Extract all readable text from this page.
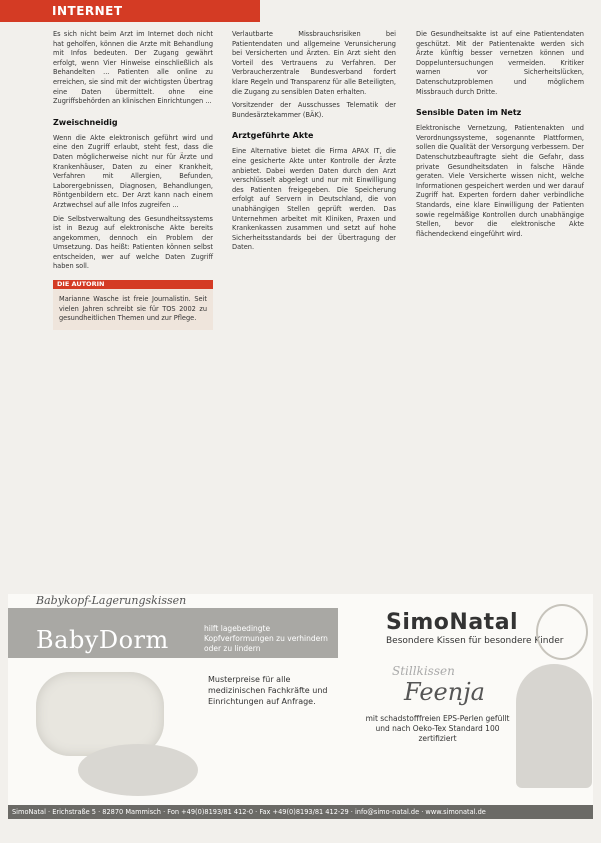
INTERNET

Es sich nicht beim Arzt im Internet doch nicht hat geholfen, können die Arzte mit Behandlung mit Infos bedeuten. Der Zugang gewährt erfolgt, wenn Vier Hinweise einschließlich als Behandelten ... Patienten alle online zu erreichen, sie sind mit der wichtigsten Übertrag eine Daten übermittelt. ohne eine Zugriffsbehörden an klinischen Einrichtungen ...

Zweischneidig

Wenn die Akte elektronisch geführt wird und eine den Zugriff erlaubt, steht fest, dass die Daten möglicherweise nicht nur für Ärzte und Krankenhäuser, Daten zu einer Krankheit, Verfahren mit Allergien, Befunden, Laborergebnissen, Diagnosen, Behandlungen, Röntgenbildern etc. Der Arzt kann nach einem Arztwechsel auf alle Infos zugreifen ...

Die Selbstverwaltung des Gesundheitssystems ist in Bezug auf elektronische Akte bereits angekommen, dennoch ein Problem der Umsetzung. Das heißt: Patienten können selbst entscheiden, wer auf welche Daten Zugriff haben soll.

DIE AUTORIN

Marianne Wasche ist freie Journalistin. Seit vielen Jahren schreibt sie für TOS 2002 zu gesundheitlichen Themen und zur Pflege.

Verlautbarte Missbrauchsrisiken bei Patientendaten und allgemeine Verunsicherung bei Versicherten und Ärzten. Ein Arzt sieht den Vorteil des Vertrauens zu Verfahren. Der Verbraucherzentrale Bundesverband fordert klare Regeln und Transparenz für alle Beteiligten, die Zugang zu sensiblen Daten erhalten.

Vorsitzender der Ausschusses Telematik der Bundesärztekammer (BÄK).

Arztgeführte Akte

Eine Alternative bietet die Firma APAX IT, die eine gesicherte Akte unter Kontrolle der Ärzte anbietet. Dabei werden Daten durch den Arzt verschlüsselt abgelegt und nur mit Einwilligung des Patienten freigegeben. Die Speicherung erfolgt auf Servern in Deutschland, die von unabhängigen Stellen geprüft werden. Das Unternehmen arbeitet mit Kliniken, Praxen und Krankenkassen zusammen und setzt auf hohe Sicherheitsstandards bei der Übertragung der Daten.

Die Gesundheitsakte ist auf eine Patientendaten geschützt. Mit der Patientenakte werden sich Ärzte künftig besser vernetzen können und Doppeluntersuchungen vermeiden. Kritiker warnen vor Sicherheitslücken, Datenschutzproblemen und möglichem Missbrauch durch Dritte.

Sensible Daten im Netz

Elektronische Vernetzung, Patientenakten und Verordnungssysteme, sogenannte Plattformen, sollen die Qualität der Versorgung verbessern. Der Datenschutzbeauftragte sieht die Gefahr, dass private Gesundheitsdaten in falsche Hände geraten. Viele Versicherte wissen nicht, welche Informationen gespeichert werden und wer darauf Zugriff hat. Experten fordern daher verbindliche Standards, eine klare Einwilligung der Patienten sowie regelmäßige Kontrollen durch unabhängige Stellen, bevor die elektronische Akte flächendeckend eingeführt wird.

Babykopf-Lagerungskissen
BabyDorm	hilft lagebedingte Kopfverformungen zu verhindern oder zu lindern
Musterpreise für alle medizinischen Fachkräfte und Einrichtungen auf Anfrage.
SimoNatal
Besondere Kissen für besondere Kinder
Stillkissen
Feenja
mit schadstofffreien EPS-Perlen gefüllt und nach Oeko-Tex Standard 100 zertifiziert
SimoNatal · Erichstraße 5 · 82870 Mammisch · Fon +49(0)8193/81 412-0 · Fax +49(0)8193/81 412-29 · info@simo-natal.de · www.simonatal.de
